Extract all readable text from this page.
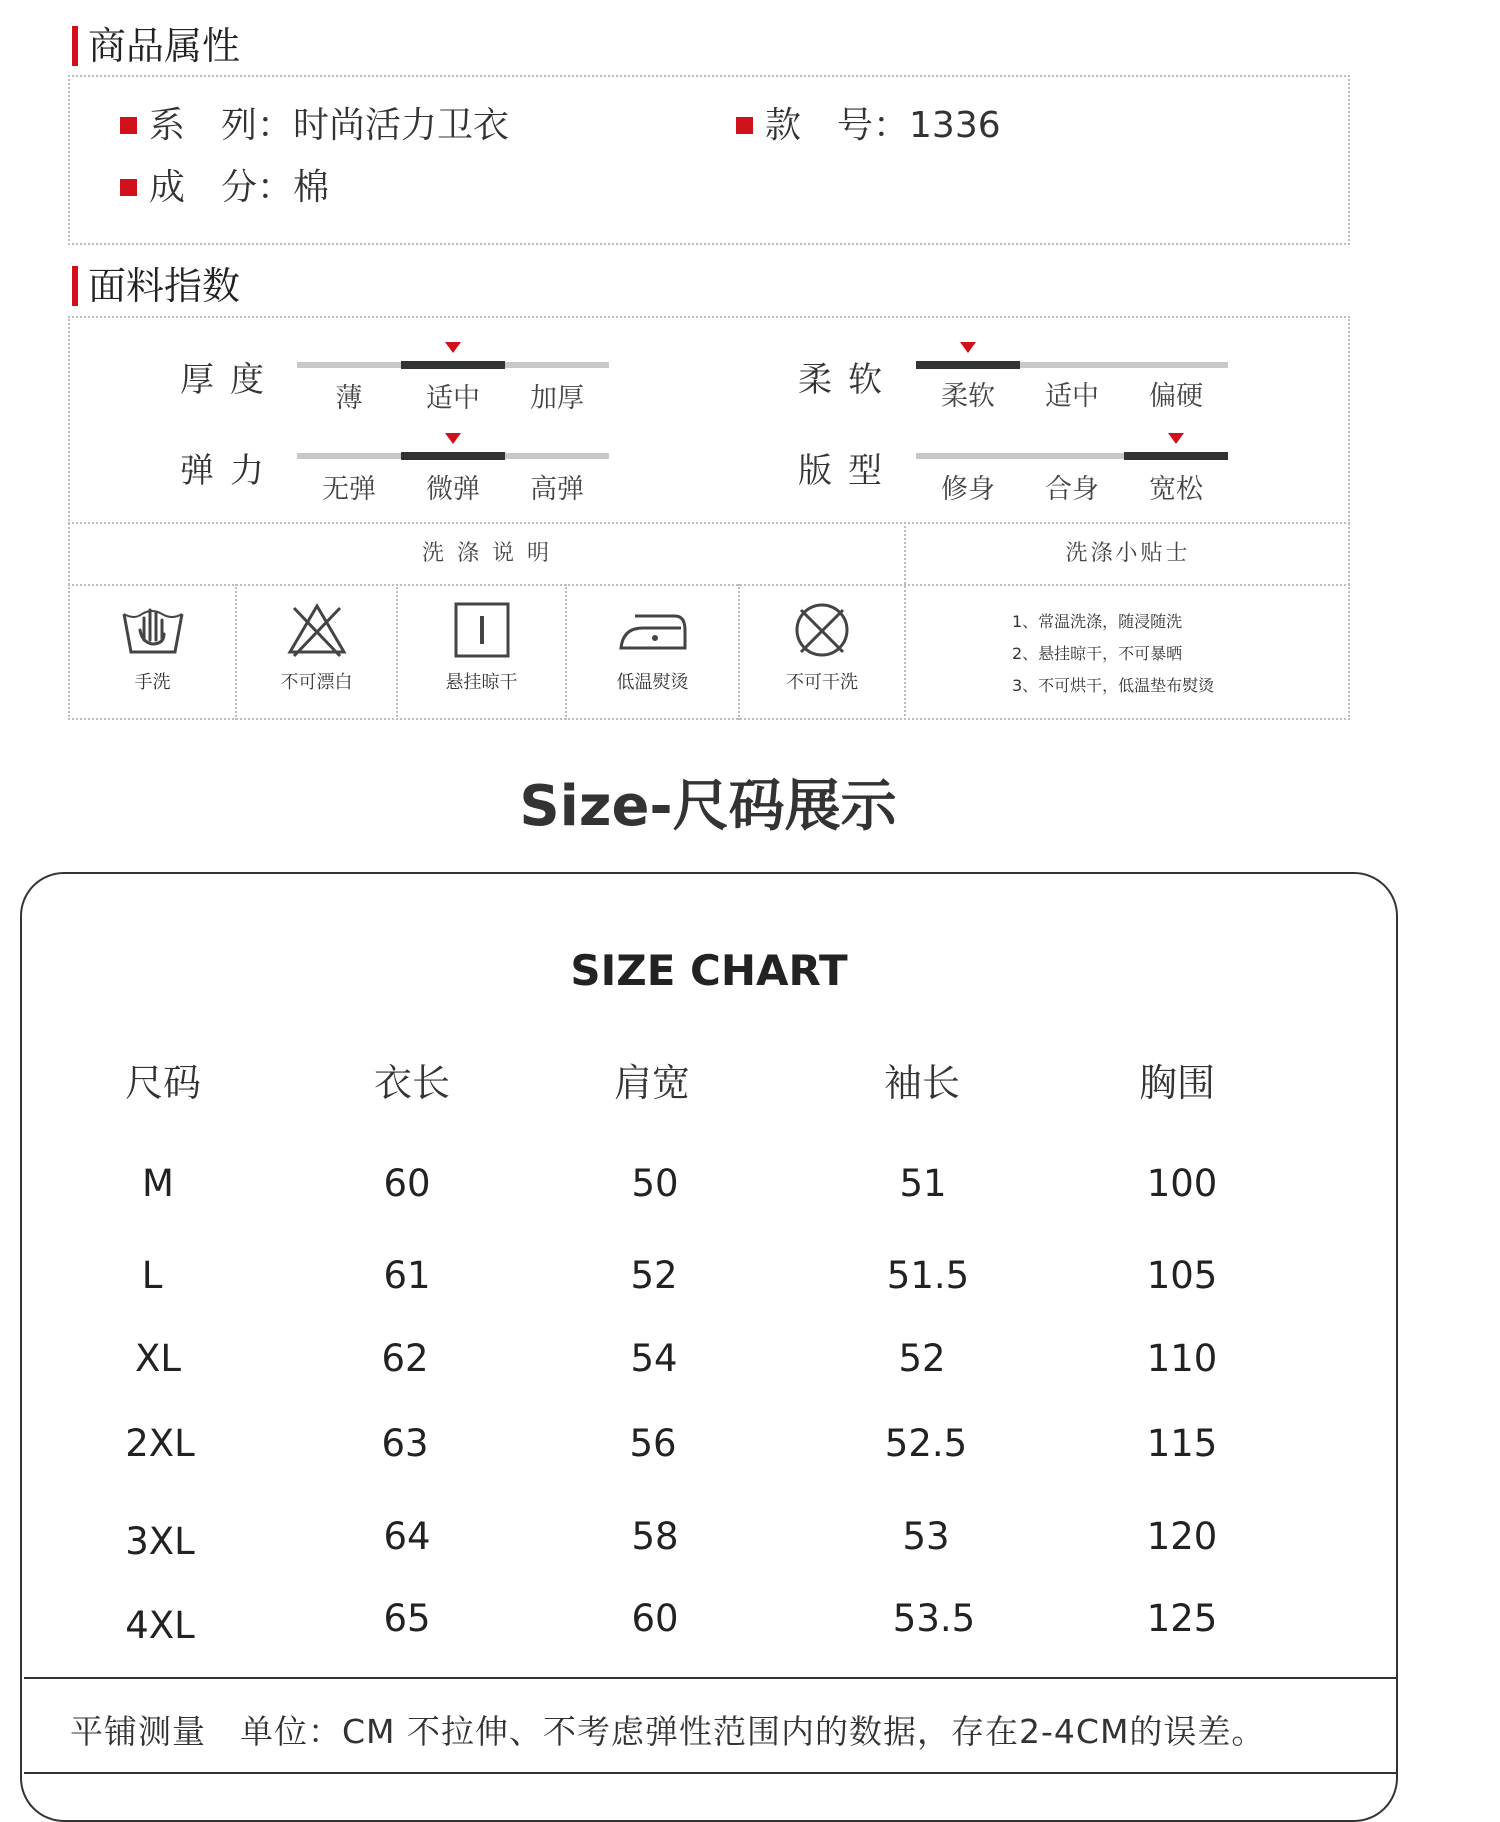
商品属性
系　列：时尚活力卫衣	款　号：1336
成　分：棉
面料指数
厚度	薄	适中	加厚	柔软	柔软	适中	偏硬
弹力	无弹	微弹	高弹	版型	修身	合身	宽松
洗 涤 说 明	洗涤小贴士
手洗	不可漂白	悬挂晾干	低温熨烫	不可干洗
1、常温洗涤，随浸随洗
2、悬挂晾干，不可暴晒
3、不可烘干，低温垫布熨烫
Size-尺码展示
SIZE CHART
尺码	衣长	肩宽	袖长	胸围
M	60	50	51	100
L	61	52	51.5	105
XL	62	54	52	110
2XL	63	56	52.5	115
3XL	64	58	53	120
4XL	65	60	53.5	125
平铺测量　单位：CM 不拉伸、不考虑弹性范围内的数据，存在2-4CM的误差。
